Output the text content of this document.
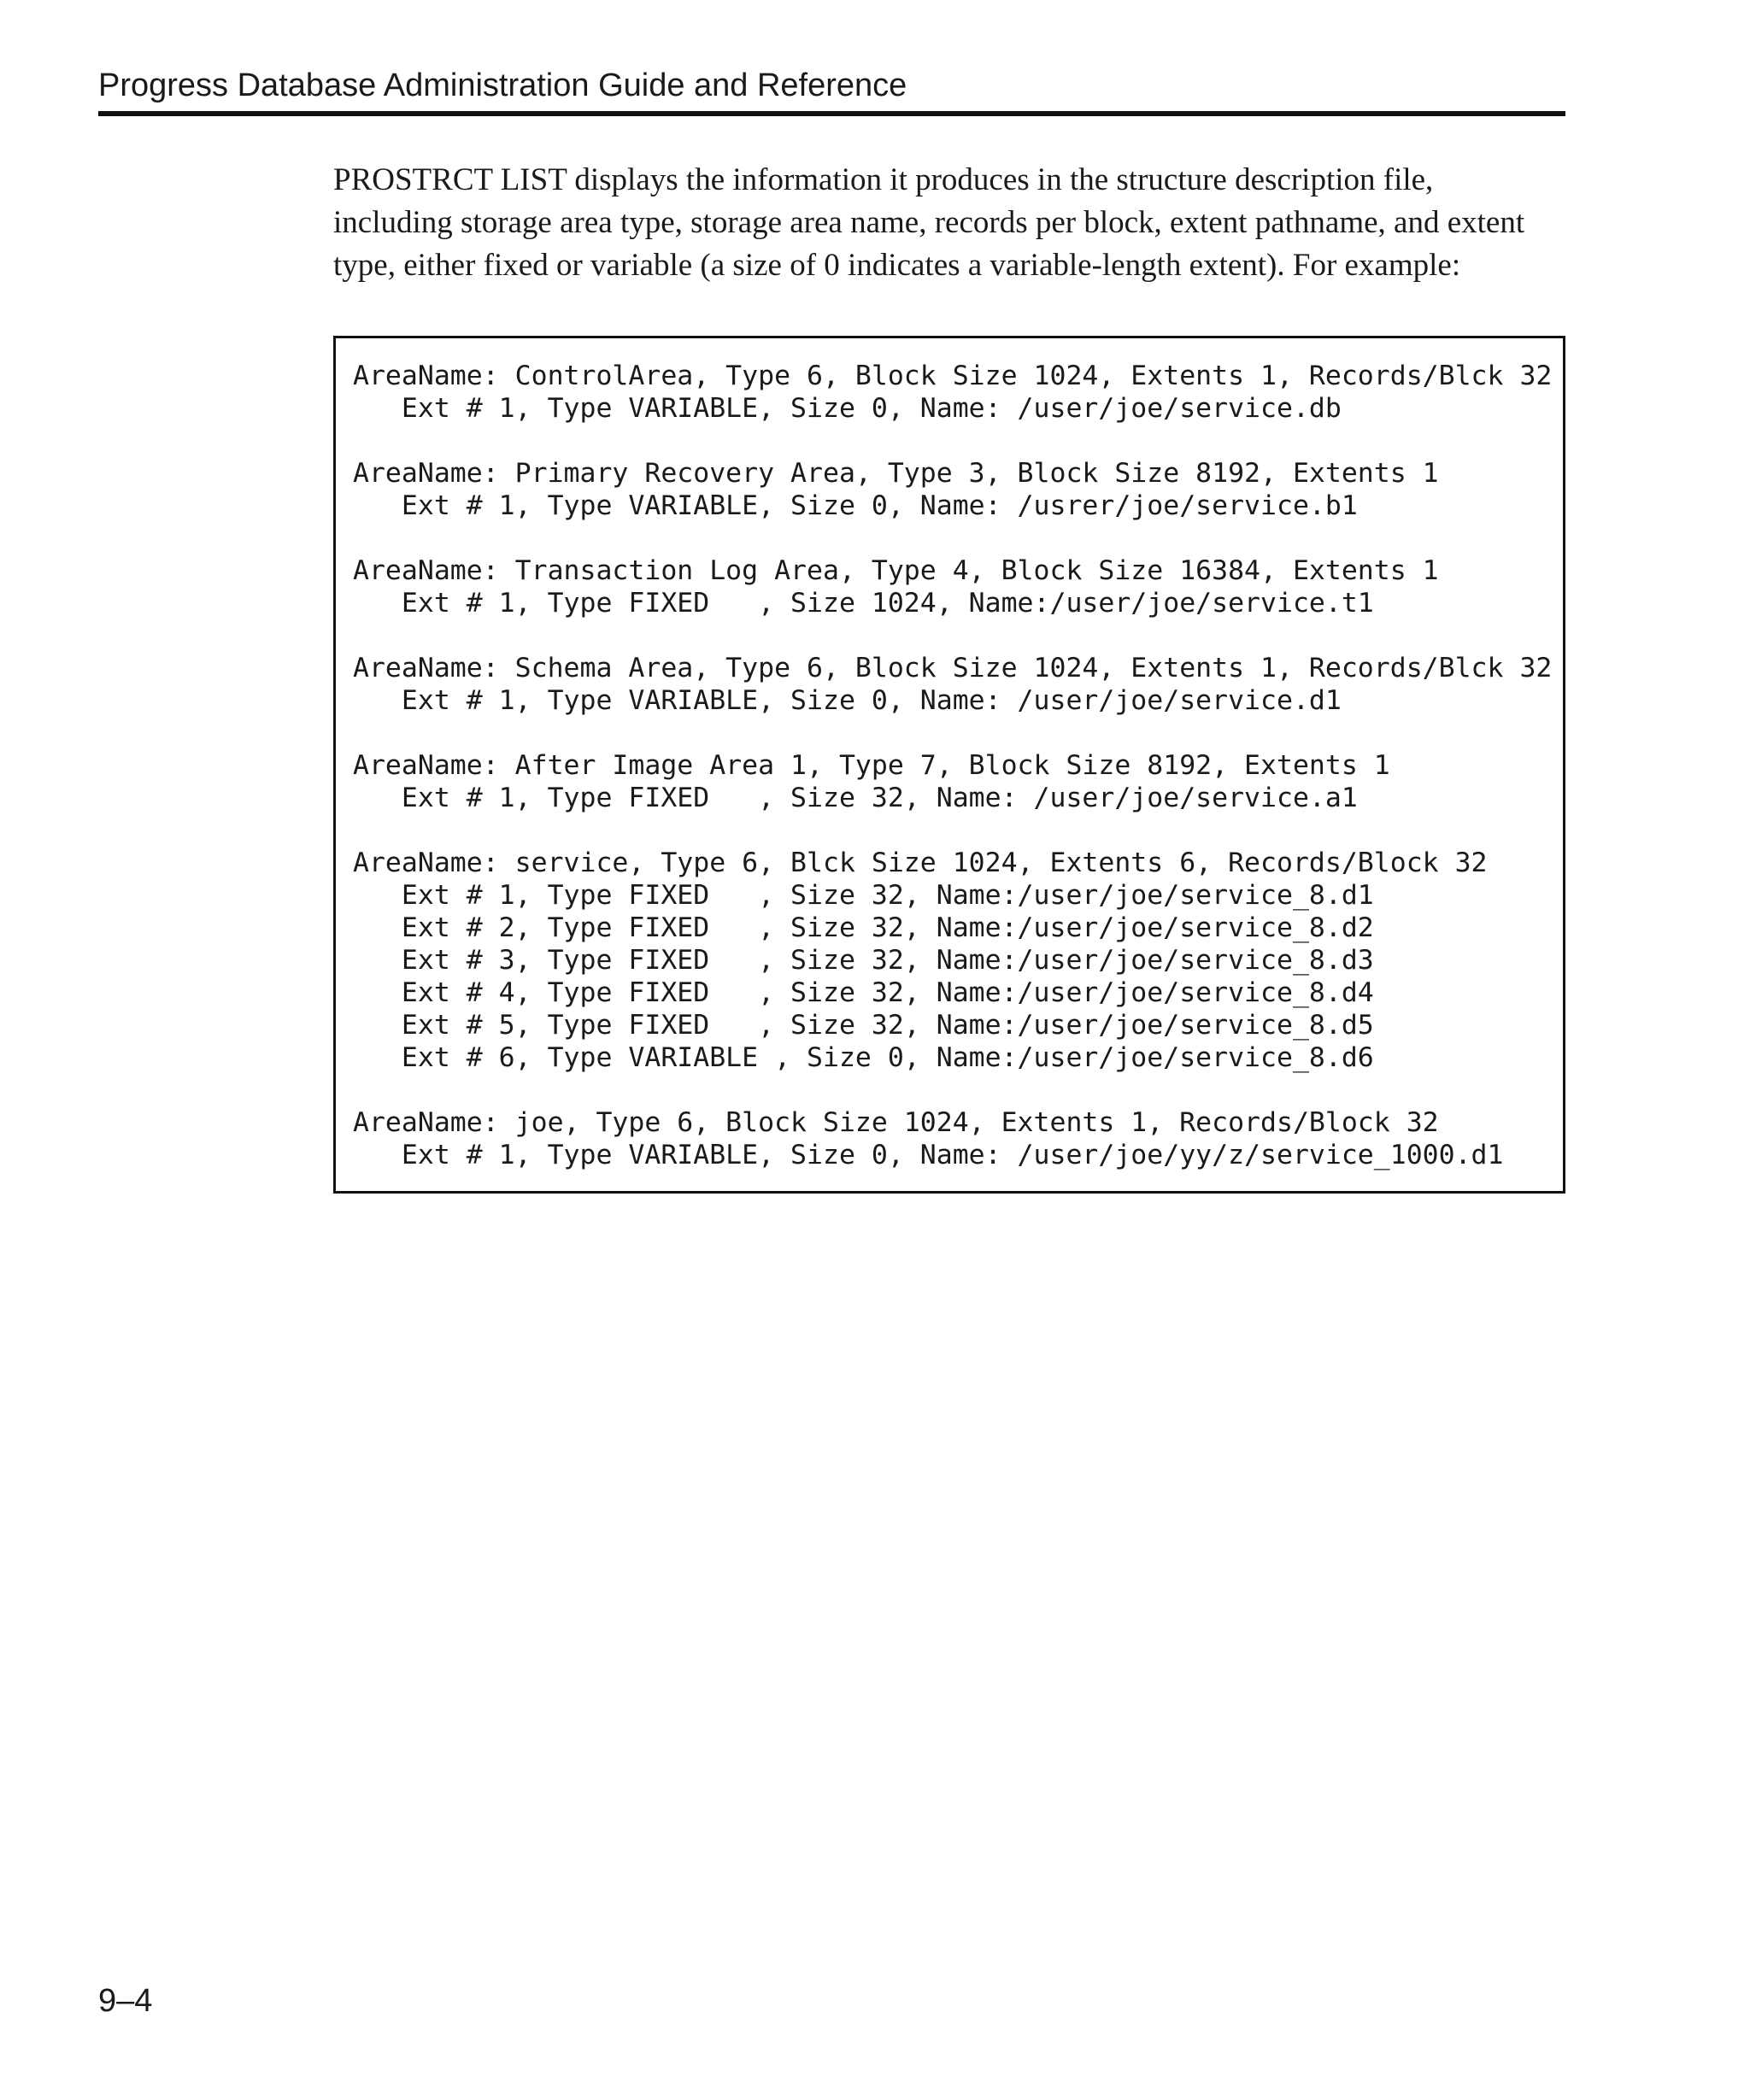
Progress Database Administration Guide and Reference

PROSTRCT LIST displays the information it produces in the structure description file,
including storage area type, storage area name, records per block, extent pathname, and extent
type, either fixed or variable (a size of 0 indicates a variable-length extent). For example:

AreaName: ControlArea, Type 6, Block Size 1024, Extents 1, Records/Blck 32
Ext # 1, Type VARIABLE, Size 0, Name: /user/joe/service.db
AreaName: Primary Recovery Area, Type 3, Block Size 8192, Extents 1
Ext # 1, Type VARIABLE, Size 0, Name: /usrer/joe/service.b1
AreaName: Transaction Log Area, Type 4, Block Size 16384, Extents 1
Ext # 1, Type FIXED   , Size 1024, Name:/user/joe/service.t1
AreaName: Schema Area, Type 6, Block Size 1024, Extents 1, Records/Blck 32
Ext # 1, Type VARIABLE, Size 0, Name: /user/joe/service.d1
AreaName: After Image Area 1, Type 7, Block Size 8192, Extents 1
Ext # 1, Type FIXED   , Size 32, Name: /user/joe/service.a1
AreaName: service, Type 6, Blck Size 1024, Extents 6, Records/Block 32
Ext # 1, Type FIXED   , Size 32, Name:/user/joe/service_8.d1
Ext # 2, Type FIXED   , Size 32, Name:/user/joe/service_8.d2
Ext # 3, Type FIXED   , Size 32, Name:/user/joe/service_8.d3
Ext # 4, Type FIXED   , Size 32, Name:/user/joe/service_8.d4
Ext # 5, Type FIXED   , Size 32, Name:/user/joe/service_8.d5
Ext # 6, Type VARIABLE , Size 0, Name:/user/joe/service_8.d6
AreaName: joe, Type 6, Block Size 1024, Extents 1, Records/Block 32
Ext # 1, Type VARIABLE, Size 0, Name: /user/joe/yy/z/service_1000.d1
9–4
